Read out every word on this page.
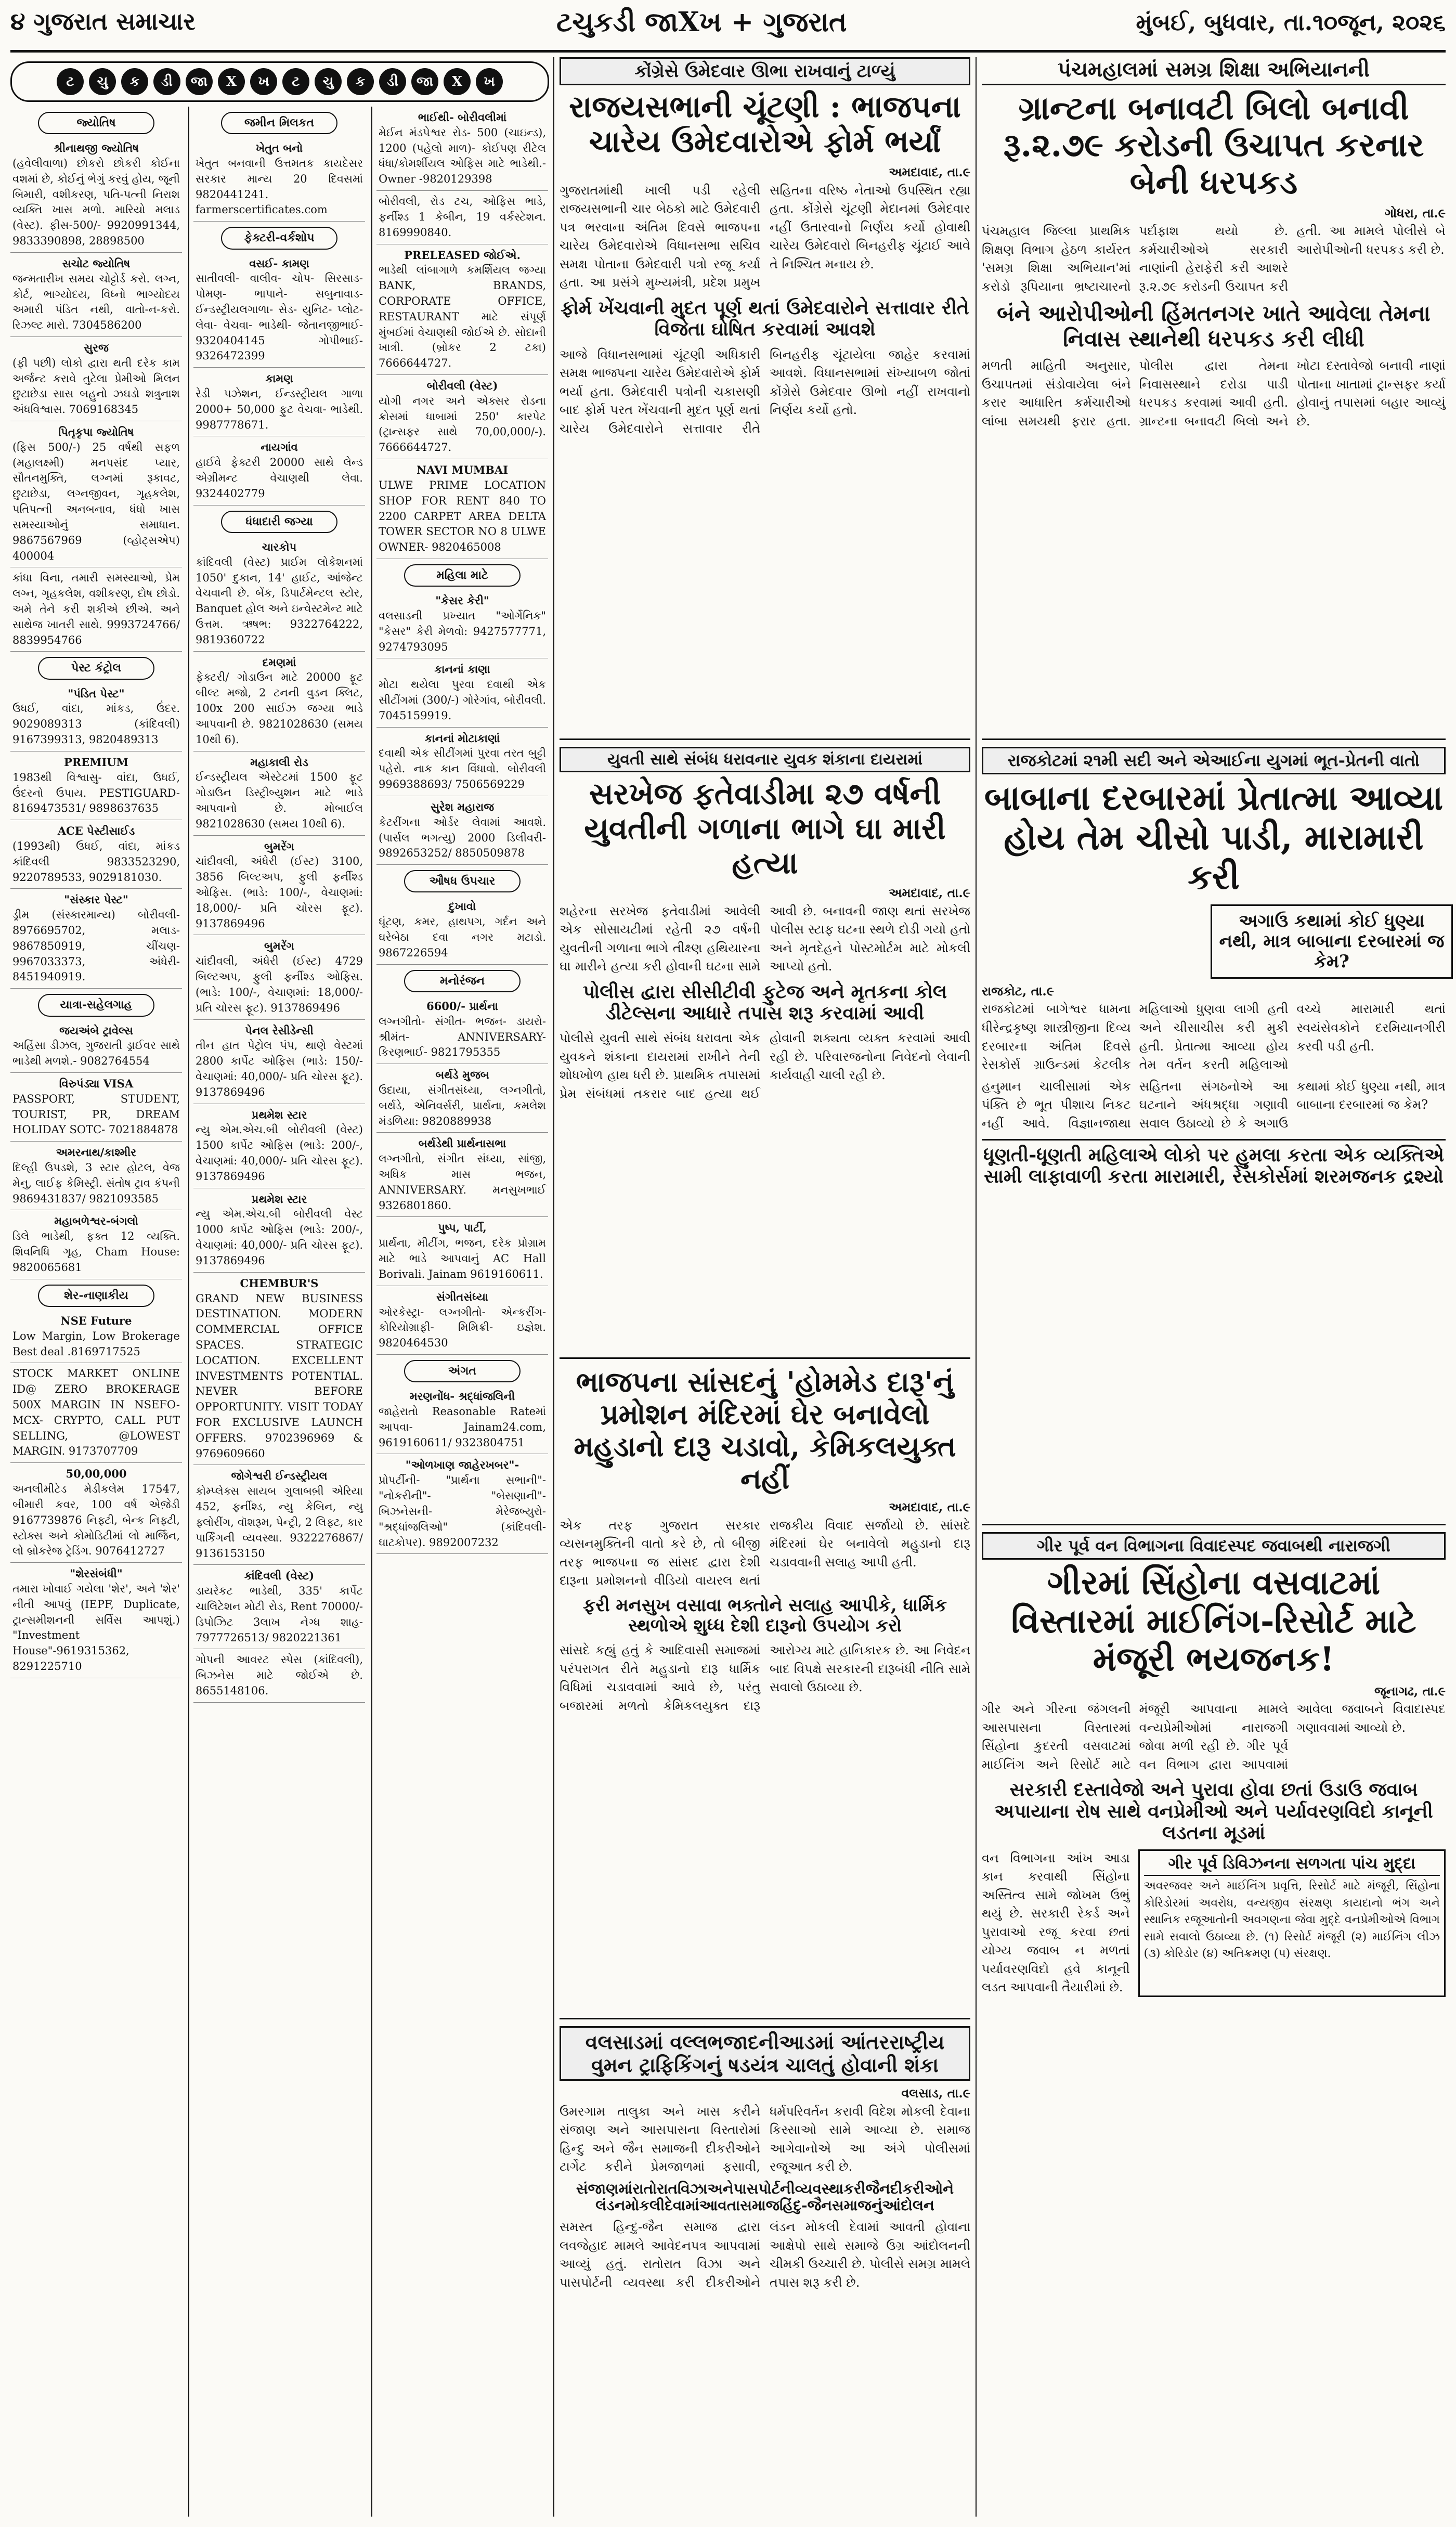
૪ ગુજરાત સમાચાર	ટચુકડી જાXખ + ગુજરાત	મુંબઈ, બુધવાર, તા.૧૦જૂન, ૨૦૨૬
ટ	ચુ	ક	ડી	જા	X	ખ	ટ	ચુ	ક	ડી	જા	X	ખ
જ્યોતિષ
શ્રીનાથજી જ્યોતિષ
(હવેલીવાળા) છોકરો છોકરી કોઈના વશમાં છે, કોઈનું ભેગું કરવું હોય, જૂની બિમારી, વશીકરણ, પતિ-પત્ની નિરાશ વ્યક્તિ ખાસ મળો. મારિયો મલાડ (વેસ્ટ). ફીસ-500/- 9920991344, 9833390898, 28898500
સચોટ જ્યોતિષ
જન્મતારીખ સમય ચોટ્ટોર્ડ કરો. લગ્ન, કોર્ટ, ભાગ્યોદય, વિધ્નો ભાગ્યોદય અમારી પંડિત નથી, વાતો-ન-કરો. રિઝલ્ટ મારો. 7304586200
સુરજ
(ફી પછી) લોકો દ્વારા થતી દરેક કામ અર્જન્ટ કરાવે તુટેલા પ્રેમીઓ મિલન છુટાછેડા સાસ બહુનો ઝઘડો શત્રુનાશ અંધવિશ્વાસ. 7069168345
પિતૃકૃપા જ્યોતિષ
(ફિસ 500/-) 25 વર્ષથી સફળ (મહાલક્ષ્મી) મનપસંદ પ્યાર, સૌતનમુક્તિ, લગ્નમાં રૂકાવટ, છુટાછેડા, લગ્નજીવન, ગૃહકલેશ, પતિપત્ની અનબનાવ, ધંધો ખાસ સમસ્યાઓનું સમાધાન. 9867567969 (વ્હોટ્સએપ) 400004
કાંધા વિના, તમારી સમસ્યાઓ, પ્રેમ લગ્ન, ગૃહકલેશ, વશીકરણ, દોષ છોડો. અમે તેને કરી શકીએ છીએ. અને સાથેજ ખાતરી સાથે. 9993724766/ 8839954766
પેસ્ટ કંટ્રોલ
"પંડિત પેસ્ટ"
ઉધઈ, વાંદા, માંકડ, ઉંદર. 9029089313 (કાંદિવલી) 9167399313, 9820489313
PREMIUM
1983થી વિશ્વાસુ- વાંદા, ઉધઈ, ઉંદરનો ઉપાય. PESTIGUARD- 8169473531/ 9898637635
ACE પેસ્ટીસાઈડ
(1993થી) ઉધઈ, વાંદા, માંકડ કાંદિવલી 9833523290, 9220789533, 9029181030.
"સંસ્કાર પેસ્ટ"
ડ્રીમ (સંસ્કારમાન્ય) બોરીવલી- 8976695702, મલાડ- 9867850919, ચીંચણ- 9967033373, અંધેરી- 8451940919.
યાત્રા-સહેલગાહ
જયઅંબે ટ્રાવેલ્સ
અહિંસા ડીઝલ, ગુજરાતી ડ્રાઈવર સાથે ભાડેથી મળશે.- 9082764554
વિરુપંડ્યા VISA
PASSPORT, STUDENT, TOURIST, PR, DREAM HOLIDAY SOTC- 7021884878
અમરનાથ/કાશ્મીર
દિલ્હી ઉપડશે, 3 સ્ટાર હોટલ, વેજ મેનુ, લાઈફ કેમિસ્ટ્રી. સંતોષ ટ્રાવ કંપની 9869431837/ 9821093585
મહાબળેશ્વર-બંગલો
ડિલે ભાડેથી, ફક્ત 12 વ્યક્તિ. શિવનિધિ ગૃહ, Cham House: 9820065681
શેર-નાણાકીય
NSE Future
Low Margin, Low Brokerage Best deal .8169717525
STOCK MARKET ONLINE ID@ ZERO BROKERAGE 500X MARGIN IN NSEFO- MCX- CRYPTO, CALL PUT SELLING, @LOWEST MARGIN. 9173707709
50,00,000
અનલીમીટેડ મેડીકલેમ 17547, બીમારી કવર, 100 વર્ષ એજ઼ેડી 9167739876 નિફ્ટી, બેન્ક નિફ્ટી, સ્ટોક્સ અને કોમોડિટીમાં લો માર્જિન, લો બ્રોકરેજ ટ્રેડિંગ. 9076412727
"શેરસંબંધી"
તમારા ખોવાઈ ગયેલા 'શેર', અને 'શેર' નીતી આપવું (IEPF, Duplicate, ટ્રાન્સમીશનની સર્વિસ આપશું.) "Investment House"-9619315362, 8291225710
જમીન મિલકત
ખેતુત બનો
ખેતુત બનવાની ઉત્તમતક કાયદેસર સરકાર માન્ય 20 દિવસમાં 9820441241. farmerscertificates.com
ફેક્ટરી-વર્કશોપ
વસઈ- કામણ
સાતીવલી- વાલીવ- ચોપ- સિરસાડ- પોમણ- ભાપાને- સબુનાવાડ-ઈન્ડસ્ટ્રીયલગાળા- સેડ- યુનિટ- પ્લોટ- લેવા- વેચવા- ભાડેથી- જેતાનજીભાઈ- 9320404145 ગોપીભાઈ- 9326472399
કામણ
રેડી પઝેશન, ઈન્ડસ્ટ્રીયલ ગાળા 2000+ 50,000 ફુટ વેચવા- ભાડેથી. 9987778671.
નાયગાંવ
હાઈવે ફેક્ટરી 20000 સાથે લેન્ડ એગ્રીમન્ટ વેચાણથી લેવા. 9324402779
ધંધાદારી જગ્યા
ચારકોપ
કાંદિવલી (વેસ્ટ) પ્રાઈમ લોકેશનમાં 1050' દુકાન, 14' હાઈટ, આંજેન્ટ વેચવાની છે. બેંક, ડિપાર્ટમેન્ટલ સ્ટોર, Banquet હોલ અને ઇન્વેસ્ટમેન્ટ માટે ઉત્તમ. ઋષભ: 9322764222, 9819360722
દમણમાં
ફેક્ટરી/ ગોડાઉન માટે 20000 ફૂટ બીલ્ટ મજો, 2 ટનની વુડન ક્લિટ, 100x 200 સાઈઝ જગ્યા ભાડે આપવાની છે. 9821028630 (સમય 10થી 6).
મહાકાલી રોડ
ઈન્ડસ્ટ્રીયલ એસ્ટેટમાં 1500 ફૂટ ગોડાઉન ડિસ્ટ્રીબ્યુશન માટે ભાડે આપવાનો છે. મોબાઈલ 9821028630 (સમય 10થી 6).
બુમરેંગ
ચાંદીવલી, અંધેરી (ઈસ્ટ) 3100, 3856 બિલ્ટઅપ, ફુલી ફર્નીશ્ડ ઓફિસ. (ભાડે: 100/-, વેચાણમાં: 18,000/- પ્રતિ ચોરસ ફૂટ). 9137869496
બુમરેંગ
ચાંદીવલી, અંધેરી (ઈસ્ટ) 4729 બિલ્ટઅપ, ફુલી ફર્નીશ્ડ ઓફિસ. (ભાડે: 100/-, વેચાણમાં: 18,000/- પ્રતિ ચોરસ ફૂટ). 9137869496
પેનલ રેસીડેન્સી
તીન હાત પેટ્રોલ પંપ, થાણે વેસ્ટમાં 2800 કાર્પેટ ઓફિસ (ભાડે: 150/- વેચાણમાં: 40,000/- પ્રતિ ચોરસ ફૂટ). 9137869496
પ્રથમેશ સ્ટાર
ન્યુ એમ.એચ.બી બોરીવલી (વેસ્ટ) 1500 કાર્પેટ ઓફિસ (ભાડે: 200/-, વેચાણમાં: 40,000/- પ્રતિ ચોરસ ફૂટ). 9137869496
પ્રથમેશ સ્ટાર
ન્યુ એમ.એચ.બી બોરીવલી વેસ્ટ 1000 કાર્પેટ ઓફિસ (ભાડે: 200/-, વેચાણમાં: 40,000/- પ્રતિ ચોરસ ફૂટ). 9137869496
CHEMBUR'S
GRAND NEW BUSINESS DESTINATION. MODERN COMMERCIAL OFFICE SPACES. STRATEGIC LOCATION. EXCELLENT INVESTMENTS POTENTIAL. NEVER BEFORE OPPORTUNITY. VISIT TODAY FOR EXCLUSIVE LAUNCH OFFERS. 9702396969 & 9769609660
જોગેશ્વરી ઈન્ડસ્ટ્રીયલ
કોમ્પ્લેક્સ સાયબ ગુલાબબ઼ી એરિયા 452, ફર્નીશ્ડ, ન્યુ કેબિન, ન્યુ ફ્લોરીંગ, વૉશરૂમ, પેન્ટ્રી, 2 લિફ્ટ, કાર પાર્કિંગની વ્યવસ્થા. 9322276867/ 9136153150
કાંદિવલી (વેસ્ટ)
ડાયરેકટ ભાડેથી, 335' કાર્પેટ ચાલિટેશન મોટી રોડ, Rent 70000/- ડિપોઝિટ 3લાખ નેગ્ધ શાહ- 7977726513/ 9820221361
ગોપની આવરટ સ્પેસ (કાંદિવલી), બિઝનેસ માટે જોઈએ છે. 8655148106.
ભાઈથી- બોરીવલીમાં
મેઈન મંડપેશ્વર રોડ- 500 (ચાઇન્ડ), 1200 (પહેલો માળ)- કોઈપણ રીટેલ ધંધા/કોમર્શીયલ ઓફિસ માટે ભાડેથી.- Owner -9820129398
બોરીવલી, રોડ ટચ, ઓફિસ ભાડે, ફર્નીશ્ડ 1 કેબીન, 19 વર્કસ્ટેશન. 8169990840.
PRELEASED જોઈએ.
ભાડેથી લાંબાગાળે કમર્શિયલ જગ્યા BANK, BRANDS, CORPORATE OFFICE, RESTAURANT માટે સંપૂર્ણ મુંબઈમાં વેચાણથી જોઈએ છે. સોદાની ખાત્રી. (બ્રોકર 2 ટકા) 7666644727.
બોરીવલી (વેસ્ટ)
યોગી નગર અને એક્સર રોડના ક્રોસમાં ધાબામાં 250' કારપેટ (ટ્રાન્સફર સાથે 70,00,000/-). 7666644727.
NAVI MUMBAI
ULWE PRIME LOCATION SHOP FOR RENT 840 TO 2200 CARPET AREA DELTA TOWER SECTOR NO 8 ULWE OWNER- 9820465008
મહિલા માટે
"કેસર કેરી"
વલસાડની પ્રખ્યાત "ઓર્ગેનિક" "કેસર" કેરી મેળવો: 9427577771, 9274793095
કાનનાં કાણા
મોટા થયેલા પુરવા દવાથી એક સીટીંગમાં (300/-) ગોરેગાંવ, બોરીવલી. 7045159919.
કાનનાં મોટાકાણાં
દવાથી એક સીટીંગમાં પુરવા તરત બુટ્ટી પહેરો. નાક કાન વિંધાવો. બોરીવલી 9969388693/ 7506569229
સુરેશ મહારાજ
કેટરીંગના ઓર્ડર લેવામાં આવશે. (પાર્સલ ભગત્યુ) 2000 ડિલીવરી- 9892653252/ 8850509878
ઔષધ ઉપચાર
દુખાવો
ઘૂંટણ, કમર, હાથપગ, ગર્દન અને ઘરેબેઠા દવા નગર મટાડો. 9867226594
મનોરંજન
6600/- પ્રાર્થના
લગ્નગીતો- સંગીત- ભજન- ડાયરો- શ્રીમંત- ANNIVERSARY- કિરણભાઈ- 9821795355
બર્થડે મુજબ
ઉદાયા, સંગીતસંધ્યા, લગ્નગીતો, બર્થડે, એનિવર્સરી, પ્રાર્થના, કમલેશ મંડળિયા: 9820889938
બર્થડેથી પ્રાર્થનાસભા
લગ્નગીતો, સંગીત સંધ્યા, સાંજી, અધિક માસ ભજન, ANNIVERSARY. મનસુખભાઈ 9326801860.
પુષ્પ, પાર્ટી,
પ્રાર્થના, મીટીંગ, ભજન, દરેક પ્રોગ્રામ માટે ભાડે આપવાનું AC Hall Borivali. Jainam 9619160611.
સંગીતસંધ્યા
ઓરકેસ્ટ્રા- લગ્નગીતો- એન્કરીંગ- કોરિયોગ્રાફી- મિમિક્રી- ઇજ્ઞેશ. 9820464530
અંગત
મરણનોંધ- શ્રદ્ધાંજલિની
જાહેરાતો Reasonable Rateમાં આપવા- Jainam24.com, 9619160611/ 9323804751
"ઓળખાણ જાહેરખબર"-
પ્રોપર્ટીની- "પ્રાર્થના સભાની"- "નોકરીની"- "બેસણાની"- બિઝનેસની- મેરેજબ્યુરો- "શ્રદ્ધાંજલિઓ" (કાંદિવલી- ઘાટકોપર). 9892007232
કોંગ્રેસે ઉમેદવાર ઊભા રાખવાનું ટાળ્યું
રાજયસભાની ચૂંટણી : ભાજપના ચારેય ઉમેદવારોએ ફોર્મ ભર્યાં
અમદાવાદ, તા.૯
ગુજરાતમાંથી ખાલી પડી રહેલી રાજયસભાની ચાર બેઠકો માટે ઉમેદવારી પત્ર ભરવાના અંતિમ દિવસે ભાજપના ચારેય ઉમેદવારોએ વિધાનસભા સચિવ સમક્ષ પોતાના ઉમેદવારી પત્રો રજૂ કર્યા હતા. આ પ્રસંગે મુખ્યમંત્રી, પ્રદેશ પ્રમુખ સહિતના વરિષ્ઠ નેતાઓ ઉપસ્થિત રહ્યા હતા. કોંગ્રેસે ચૂંટણી મેદાનમાં ઉમેદવાર નહીં ઉતારવાનો નિર્ણય કર્યો હોવાથી ચારેય ઉમેદવારો બિનહરીફ ચૂંટાઈ આવે તે નિશ્ચિત મનાય છે.
ફોર્મ ખેંચવાની મુદત પૂર્ણ થતાં ઉમેદવારોને સત્તાવાર રીતે વિજેતા ઘોષિત કરવામાં આવશે
આજે વિધાનસભામાં ચૂંટણી અધિકારી સમક્ષ ભાજપના ચારેય ઉમેદવારોએ ફોર્મ ભર્યા હતા. ઉમેદવારી પત્રોની ચકાસણી બાદ ફોર્મ પરત ખેંચવાની મુદત પૂર્ણ થતાં ચારેય ઉમેદવારોને સત્તાવાર રીતે બિનહરીફ ચૂંટાયેલા જાહેર કરવામાં આવશે. વિધાનસભામાં સંખ્યાબળ જોતાં કોંગ્રેસે ઉમેદવાર ઊભો નહીં રાખવાનો નિર્ણય કર્યો હતો.
યુવતી સાથે સંબંધ ધરાવનાર યુવક શંકાના દાયરામાં
સરખેજ ફતેવાડીમા ૨૭ વર્ષની યુવતીની ગળાના ભાગે ઘા મારી હત્યા
અમદાવાદ, તા.૯
શહેરના સરખેજ ફતેવાડીમાં આવેલી એક સોસાયટીમાં રહેતી ૨૭ વર્ષની યુવતીની ગળાના ભાગે તીક્ષ્ણ હથિયારના ઘા મારીને હત્યા કરી હોવાની ઘટના સામે આવી છે. બનાવની જાણ થતાં સરખેજ પોલીસ સ્ટાફ ઘટના સ્થળે દોડી ગયો હતો અને મૃતદેહને પોસ્ટમોર્ટમ માટે મોકલી આપ્યો હતો.
પોલીસ દ્વારા સીસીટીવી ફુટેજ અને મૃતકના કોલ ડીટેલ્સના આધારે તપાસ શરૂ કરવામાં આવી
પોલીસે યુવતી સાથે સંબંધ ધરાવતા એક યુવકને શંકાના દાયરામાં રાખીને તેની શોધખોળ હાથ ધરી છે. પ્રાથમિક તપાસમાં પ્રેમ સંબંધમાં તકરાર બાદ હત્યા થઈ હોવાની શક્યતા વ્યક્ત કરવામાં આવી રહી છે. પરિવારજનોના નિવેદનો લેવાની કાર્યવાહી ચાલી રહી છે.
ભાજપના સાંસદનું 'હોમમેડ દારૂ'નું પ્રમોશન મંદિરમાં ઘેર બનાવેલો મહુડાનો દારૂ ચડાવો, કેમિકલયુક્ત નહીં
અમદાવાદ, તા.૯
એક તરફ ગુજરાત સરકાર વ્યસનમુક્તિની વાતો કરે છે, તો બીજી તરફ ભાજપના જ સાંસદ દ્વારા દેશી દારૂના પ્રમોશનનો વીડિયો વાયરલ થતાં રાજકીય વિવાદ સર્જાયો છે. સાંસદે મંદિરમાં ઘેર બનાવેલો મહુડાનો દારૂ ચડાવવાની સલાહ આપી હતી.
ફરી મનસુખ વસાવા ભક્તોને સલાહ આપીકે, ધાર્મિક સ્થળોએ શુધ્ધ દેશી દારૂનો ઉપયોગ કરો
સાંસદે કહ્યું હતું કે આદિવાસી સમાજમાં પરંપરાગત રીતે મહુડાનો દારૂ ધાર્મિક વિધિમાં ચડાવવામાં આવે છે, પરંતુ બજારમાં મળતો કેમિકલયુક્ત દારૂ આરોગ્ય માટે હાનિકારક છે. આ નિવેદન બાદ વિપક્ષે સરકારની દારૂબંધી નીતિ સામે સવાલો ઉઠાવ્યા છે.
વલસાડમાં વલ્લભજાદનીઆડમાં આંતરરાષ્ટ્રીય વુમન ટ્રાફિકિંગનું ષડયંત્ર ચાલતું હોવાની શંકા
વલસાડ, તા.૯
ઉમરગામ તાલુકા અને ખાસ કરીને સંજાણ અને આસપાસના વિસ્તારોમાં હિન્દુ અને જૈન સમાજની દીકરીઓને ટાર્ગેટ કરીને પ્રેમજાળમાં ફસાવી, ધર્મપરિવર્તન કરાવી વિદેશ મોકલી દેવાના કિસ્સાઓ સામે આવ્યા છે. સમાજ આગેવાનોએ આ અંગે પોલીસમાં રજૂઆત કરી છે.
સંજાણમાંરાતોરાતવિઝાઅનેપાસપોર્ટનીવ્યવસ્થાકરીજૈનદીકરીઓને લંડનમોકલીદેવામાંઆવતાસમાજહિંદુ-જૈનસમાજનુંઆંદોલન
સમસ્ત હિન્દુ-જૈન સમાજ દ્વારા લવજેહાદ મામલે આવેદનપત્ર આપવામાં આવ્યું હતું. રાતોરાત વિઝા અને પાસપોર્ટની વ્યવસ્થા કરી દીકરીઓને લંડન મોકલી દેવામાં આવતી હોવાના આક્ષેપો સાથે સમાજે ઉગ્ર આંદોલનની ચીમકી ઉચ્ચારી છે. પોલીસે સમગ્ર મામલે તપાસ શરૂ કરી છે.
પંચમહાલમાં સમગ્ર શિક્ષા અભિયાનની
ગ્રાન્ટના બનાવટી બિલો બનાવી રૂ.૨.૭૯ કરોડની ઉચાપત કરનાર બેની ધરપકડ
ગોધરા, તા.૯
પંચમહાલ જિલ્લા પ્રાથમિક શિક્ષણ વિભાગ હેઠળ કાર્યરત 'સમગ્ર શિક્ષા અભિયાન'માં કરોડો રૂપિયાના ભ્રષ્ટાચારનો પર્દાફાશ થયો છે. કર્મચારીઓએ સરકારી નાણાંની હેરાફેરી કરી આશરે રૂ.૨.૭૯ કરોડની ઉચાપત કરી હતી. આ મામલે પોલીસે બે આરોપીઓની ધરપકડ કરી છે.
બંને આરોપીઓની હિંમતનગર ખાતે આવેલા તેમના નિવાસ સ્થાનેથી ધરપકડ કરી લીધી
મળતી માહિતી અનુસાર, ઉચાપતમાં સંડોવાયેલા બંને કરાર આધારિત કર્મચારીઓ લાંબા સમયથી ફરાર હતા. પોલીસ દ્વારા તેમના નિવાસસ્થાને દરોડા પાડી ધરપકડ કરવામાં આવી હતી. ગ્રાન્ટના બનાવટી બિલો અને ખોટા દસ્તાવેજો બનાવી નાણાં પોતાના ખાતામાં ટ્રાન્સફર કર્યા હોવાનું તપાસમાં બહાર આવ્યું છે.
રાજકોટમાં ૨૧મી સદી અને એઆઈના યુગમાં ભૂત-પ્રેતની વાતો
બાબાના દરબારમાં પ્રેતાત્મા આવ્યા હોય તેમ ચીસો પાડી, મારામારી કરી
અગાઉ કથામાં કોઈ ધુણ્યા નથી, માત્ર બાબાના દરબારમાં જ કેમ?
રાજકોટ, તા.૯
રાજકોટમાં બાગેશ્વર ધામના ધીરેન્દ્રકૃષ્ણ શાસ્ત્રીજીના દિવ્ય દરબારના અંતિમ દિવસે રેસકોર્સ ગ્રાઉન્ડમાં કેટલીક મહિલાઓ ધુણવા લાગી હતી અને ચીસાચીસ કરી મુકી હતી. પ્રેતાત્મા આવ્યા હોય તેમ વર્તન કરતી મહિલાઓ વચ્ચે મારામારી થતાં સ્વયંસેવકોને દરમિયાનગીરી કરવી પડી હતી.
હનુમાન ચાલીસામાં એક પંક્તિ છે ભૂત પીશાચ નિકટ નહીં આવે. વિજ્ઞાનજાથા સહિતના સંગઠનોએ આ ઘટનાને અંધશ્રદ્ધા ગણાવી સવાલ ઉઠાવ્યો છે કે અગાઉ કથામાં કોઈ ધુણ્યા નથી, માત્ર બાબાના દરબારમાં જ કેમ?
ધૂણતી-ધૂણતી મહિલાએ લોકો પર હુમલા કરતા એક વ્યક્તિએ સામી લાફાવાળી કરતા મારામારી, રેસકોર્સમાં શરમજનક દ્રશ્યો
ગીર પૂર્વ વન વિભાગના વિવાદસ્પદ જવાબથી નારાજગી
ગીરમાં સિંહોના વસવાટમાં વિસ્તારમાં માઈનિંગ-રિસોર્ટ માટે મંજૂરી ભયજનક!
જૂનાગઢ, તા.૯
ગીર અને ગીરના જંગલની આસપાસના વિસ્તારમાં સિંહોના કુદરતી વસવાટમાં માઈનિંગ અને રિસોર્ટ માટે મંજૂરી આપવાના મામલે વન્યપ્રેમીઓમાં નારાજગી જોવા મળી રહી છે. ગીર પૂર્વ વન વિભાગ દ્વારા આપવામાં આવેલા જવાબને વિવાદાસ્પદ ગણાવવામાં આવ્યો છે.
સરકારી દસ્તાવેજો અને પુરાવા હોવા છતાં ઉડાઉ જવાબ અપાયાના રોષ સાથે વનપ્રેમીઓ અને પર્યાવરણવિદો કાનૂની લડતના મૂડમાં
વન વિભાગના આંખ આડા કાન કરવાથી સિંહોના અસ્તિત્વ સામે જોખમ ઉભું થયું છે. સરકારી રેકર્ડ અને પુરાવાઓ રજૂ કરવા છતાં યોગ્ય જવાબ ન મળતાં પર્યાવરણવિદો હવે કાનૂની લડત આપવાની તૈયારીમાં છે.
ગીર પૂર્વ ડિવિઝનના સળગતા પાંચ મુદ્દા
અવરજવર અને માઈનિંગ પ્રવૃત્તિ, રિસોર્ટ માટે મંજૂરી, સિંહોના કોરિડોરમાં અવરોધ, વન્યજીવ સંરક્ષણ કાયદાનો ભંગ અને સ્થાનિક રજૂઆતોની અવગણના જેવા મુદ્દે વનપ્રેમીઓએ વિભાગ સામે સવાલો ઉઠાવ્યા છે. (૧) રિસોર્ટ મંજૂરી (૨) માઈનિંગ લીઝ (૩) કોરિડોર (૪) અતિક્રમણ (૫) સંરક્ષણ.
